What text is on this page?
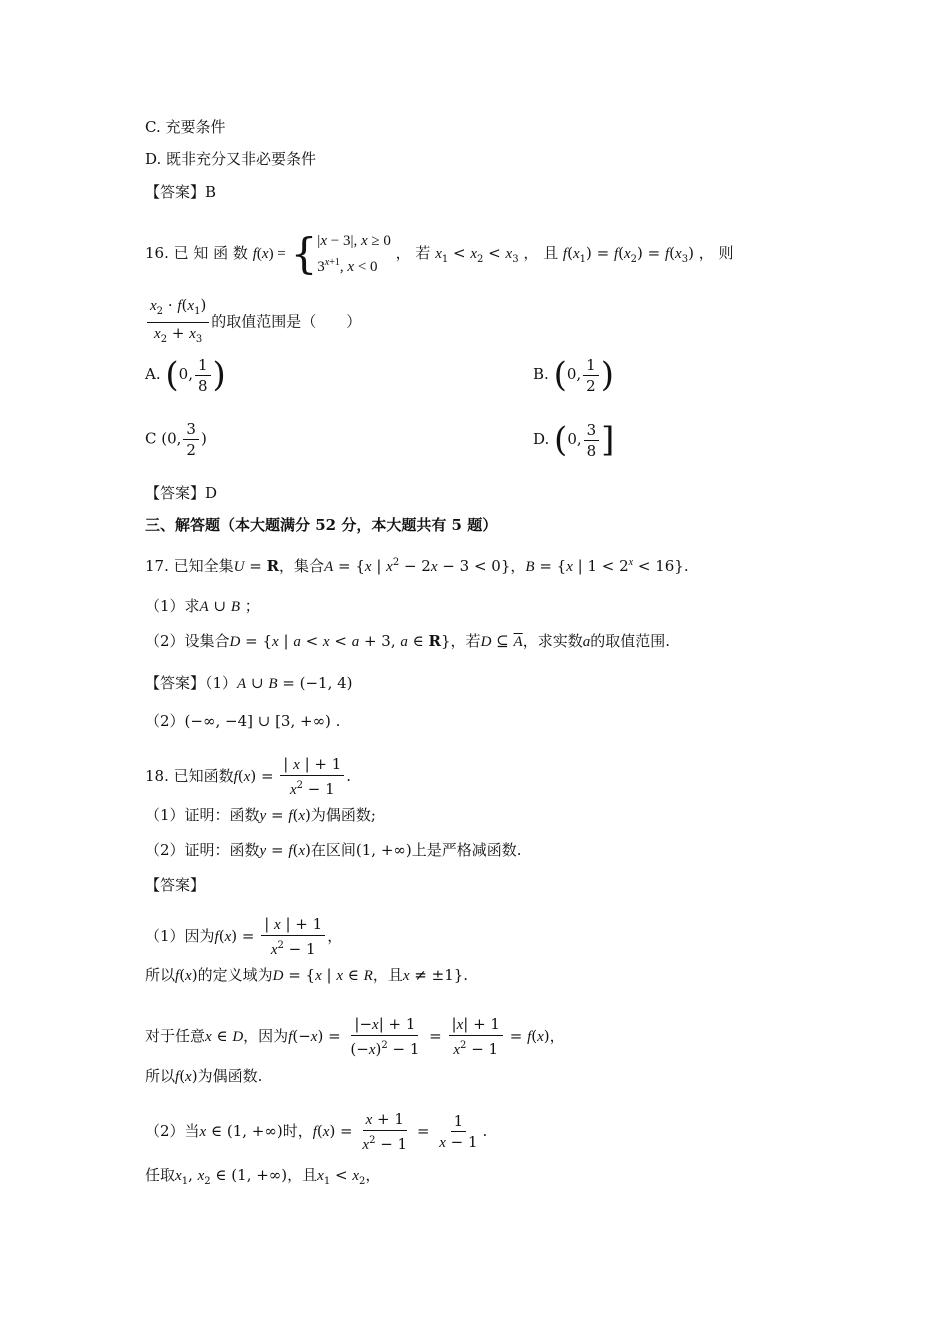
C. 充要条件
D. 既非充分又非必要条件
【答案】B
16. 已 知 函 数 f(x) = { |x − 3|, x ≥ 0
$3^{x+1}$, x < 0
， 若 $x_1 < x_2 < x_3$ ， 且 $f(x_1) = f(x_2) = f(x_3)$ ， 则
$\frac{x_2 \cdot f(x_1)}{x_2 + x_3}$ 的取值范围是（　　）
A. (0, $\frac{1}{8}$ )	B. (0, $\frac{1}{2}$ )
C (0, $\frac{3}{2}$ )	D. (0, $\frac{3}{8}$ ]
【答案】D
三、解答题（本大题满分 52 分，本大题共有 5 题）
17. 已知全集U = R，集合A = {x | $x^2 - 2x - 3 < 0$}，B = {x | $1 < 2^x < 16$}.
（1）求A ∪ B ；
（2）设集合D = {x | a < x < a + 3, a ∈ R}，若D ⊆ $\overline{A}$，求实数a的取值范围.
【答案】（1）A ∪ B = (−1, 4)
（2）(−∞, −4] ∪ [3, +∞) .
18. 已知函数$f(x) = \frac{| x | + 1}{x^2 - 1}$ .
（1）证明：函数y = f(x)为偶函数;
（2）证明：函数y = f(x)在区间(1, +∞)上是严格减函数.
【答案】
（1）因为$f(x) = \frac{| x | + 1}{x^2 - 1}$ ，
所以f(x)的定义域为D = {x | x ∈ R，且x ≠ ±1}.
对于任意x ∈ D，因为$f(-x) = \frac{|-x| + 1}{(-x)^2 - 1} = \frac{|x| + 1}{x^2 - 1} = f(x)$，
所以f(x)为偶函数.
（2）当x ∈ (1, +∞)时，$f(x) = \frac{x + 1}{x^2 - 1} = \frac{1}{x - 1}$ .
任取$x_1$, $x_2$ ∈ (1, +∞)，且$x_1 < x_2$，
